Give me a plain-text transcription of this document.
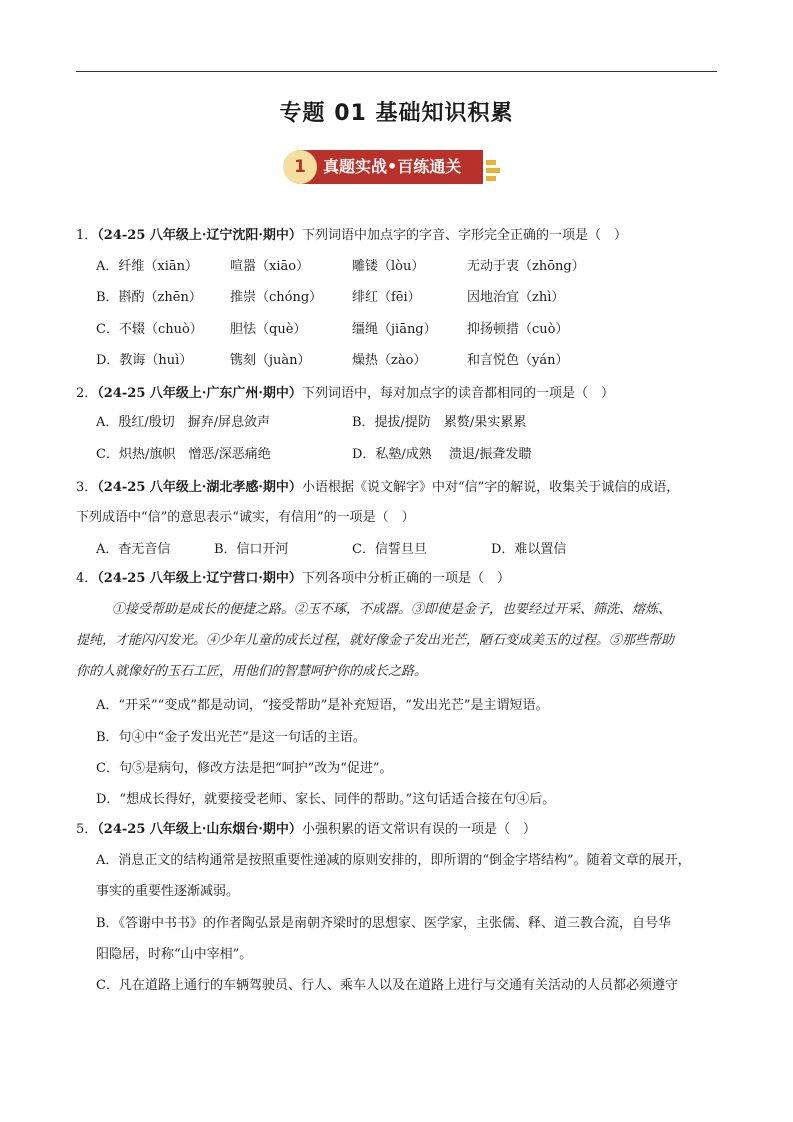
专题 01 基础知识积累
1	真题实战•百练通关
1．（24-25 八年级上·辽宁沈阳·期中）下列词语中加点字的字音、字形完全正确的一项是（　）
A．纤维（xiān） 喧嚣（xiāo）	雕镂（lòu）	无动于衷（zhōng）
B．斟酌（zhēn） 推崇（chóng） 绯红（fēi）	因地治宜（zhì）
C．不辍（chuò） 胆怯（què）	缰绳（jiāng） 抑扬顿措（cuò）
D．教诲（huì）	镌刻（juàn）	燥热（zào）	和言悦色（yán）
2．（24-25 八年级上·广东广州·期中）下列词语中，每对加点字的读音都相同的一项是（　）
A．殷红/殷切　摒弃/屏息敛声	B．提拔/提防　累赘/果实累累
C．炽热/旗帜　憎恶/深恶痛绝	D．私塾/成熟　 溃退/振聋发聩
3．（24-25 八年级上·湖北孝感·期中）小语根据《说文解字》中对“信”字的解说，收集关于诚信的成语，
下列成语中“信”的意思表示“诚实，有信用”的一项是（　）
A．杳无音信	B．信口开河	C．信誓旦旦	D．难以置信
4．（24-25 八年级上·辽宁营口·期中）下列各项中分析正确的一项是（　）
①接受帮助是成长的便捷之路。②玉不琢，不成器。③即使是金子，也要经过开采、筛洗、熔炼、
提纯，才能闪闪发光。④少年儿童的成长过程，就好像金子发出光芒，陋石变成美玉的过程。⑤那些帮助
你的人就像好的玉石工匠，用他们的智慧呵护你的成长之路。
A．“开采”“变成”都是动词，“接受帮助”是补充短语，“发出光芒”是主谓短语。
B．句④中“金子发出光芒”是这一句话的主语。
C．句⑤是病句，修改方法是把“呵护”改为“促进”。
D．“想成长得好，就要接受老师、家长、同伴的帮助。”这句话适合接在句④后。
5．（24-25 八年级上·山东烟台·期中）小强积累的语文常识有误的一项是（　）
A．消息正文的结构通常是按照重要性递减的原则安排的，即所谓的“倒金字塔结构”。随着文章的展开，
事实的重要性逐渐减弱。
B．《答谢中书书》的作者陶弘景是南朝齐梁时的思想家、医学家，主张儒、释、道三教合流，自号华
阳隐居，时称“山中宰相”。
C．凡在道路上通行的车辆驾驶员、行人、乘车人以及在道路上进行与交通有关活动的人员都必须遵守
